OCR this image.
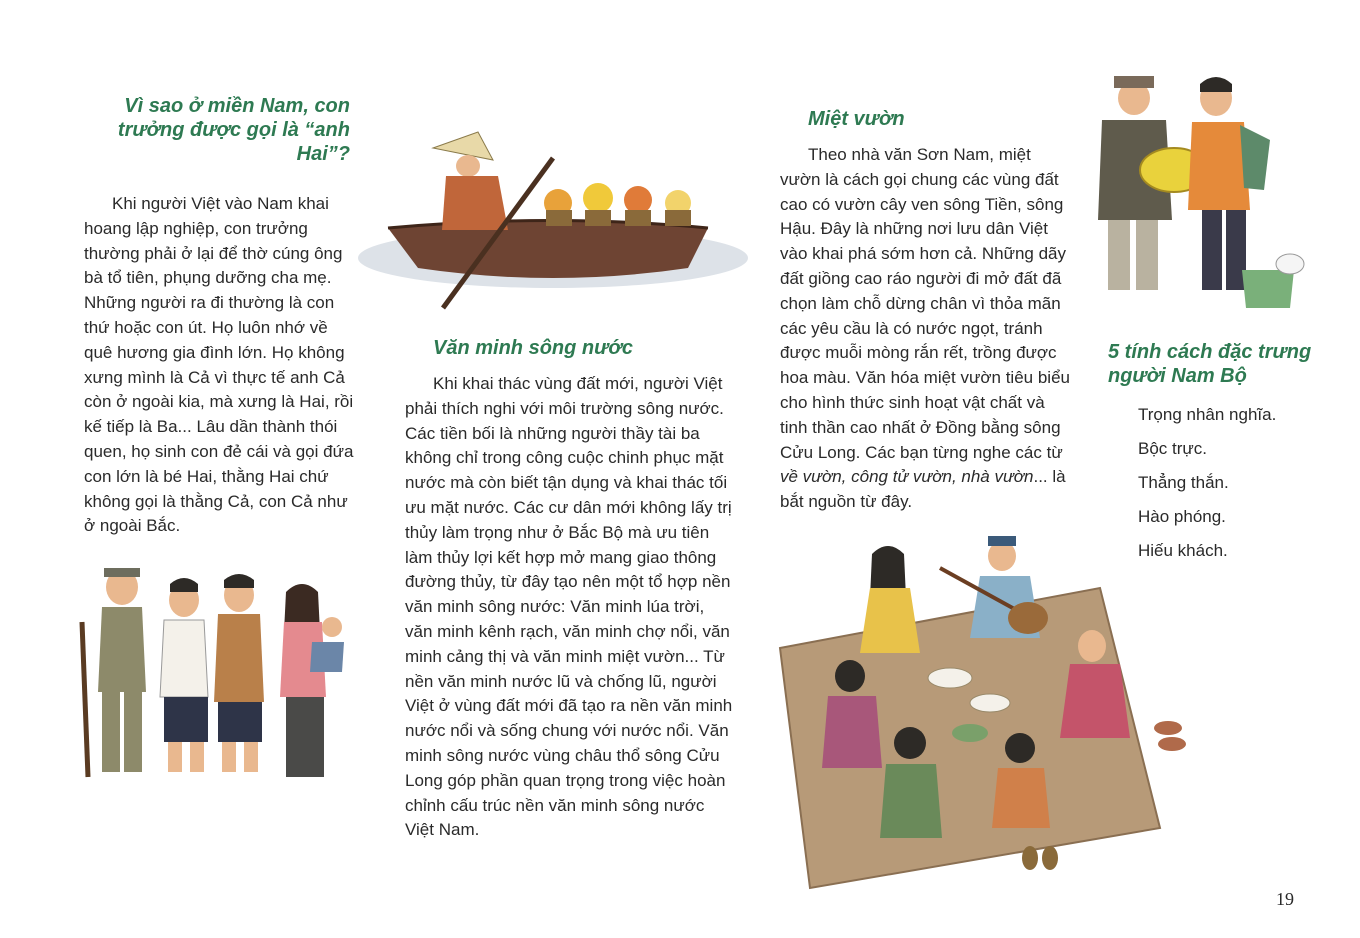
Vì sao ở miền Nam, con
trưởng được gọi là “anh Hai”?

Khi người Việt vào Nam khai hoang lập nghiệp, con trưởng thường phải ở lại để thờ cúng ông bà tổ tiên, phụng dưỡng cha mẹ. Những người ra đi thường là con thứ hoặc con út. Họ luôn nhớ về quê hương gia đình lớn. Họ không xưng mình là Cả vì thực tế anh Cả còn ở ngoài kia, mà xưng là Hai, rồi kế tiếp là Ba... Lâu dần thành thói quen, họ sinh con đẻ cái và gọi đứa con lớn là bé Hai, thằng Hai chứ không gọi là thằng Cả, con Cả như ở ngoài Bắc.

Văn minh sông nước

Khi khai thác vùng đất mới, người Việt phải thích nghi với môi trường sông nước. Các tiền bối là những người thầy tài ba không chỉ trong công cuộc chinh phục mặt nước mà còn biết tận dụng và khai thác tối ưu mặt nước. Các cư dân mới không lấy trị thủy làm trọng như ở Bắc Bộ mà ưu tiên làm thủy lợi kết hợp mở mang giao thông đường thủy, từ đây tạo nên một tổ hợp nền văn minh sông nước: Văn minh lúa trời, văn minh kênh rạch, văn minh chợ nổi, văn minh cảng thị và văn minh miệt vườn... Từ nền văn minh nước lũ và chống lũ, người Việt ở vùng đất mới đã tạo ra nền văn minh nước nổi và sống chung với nước nổi. Văn minh sông nước vùng châu thổ sông Cửu Long góp phần quan trọng trong việc hoàn chỉnh cấu trúc nền văn minh sông nước Việt Nam.

Miệt vườn

Theo nhà văn Sơn Nam, miệt vườn là cách gọi chung các vùng đất cao có vườn cây ven sông Tiền, sông Hậu. Đây là những nơi lưu dân Việt vào khai phá sớm hơn cả. Những dãy đất giồng cao ráo người đi mở đất đã chọn làm chỗ dừng chân vì thỏa mãn các yêu cầu là có nước ngọt, tránh được muỗi mòng rắn rết, trồng được hoa màu. Văn hóa miệt vườn tiêu biểu cho hình thức sinh hoạt vật chất và tinh thần cao nhất ở Đồng bằng sông Cửu Long. Các bạn từng nghe các từ về vườn, công tử vườn, nhà vườn... là bắt nguồn từ đây.

5 tính cách đặc trưng
người Nam Bộ
Trọng nhân nghĩa.
Bộc trực.
Thẳng thắn.
Hào phóng.
Hiếu khách.
19
